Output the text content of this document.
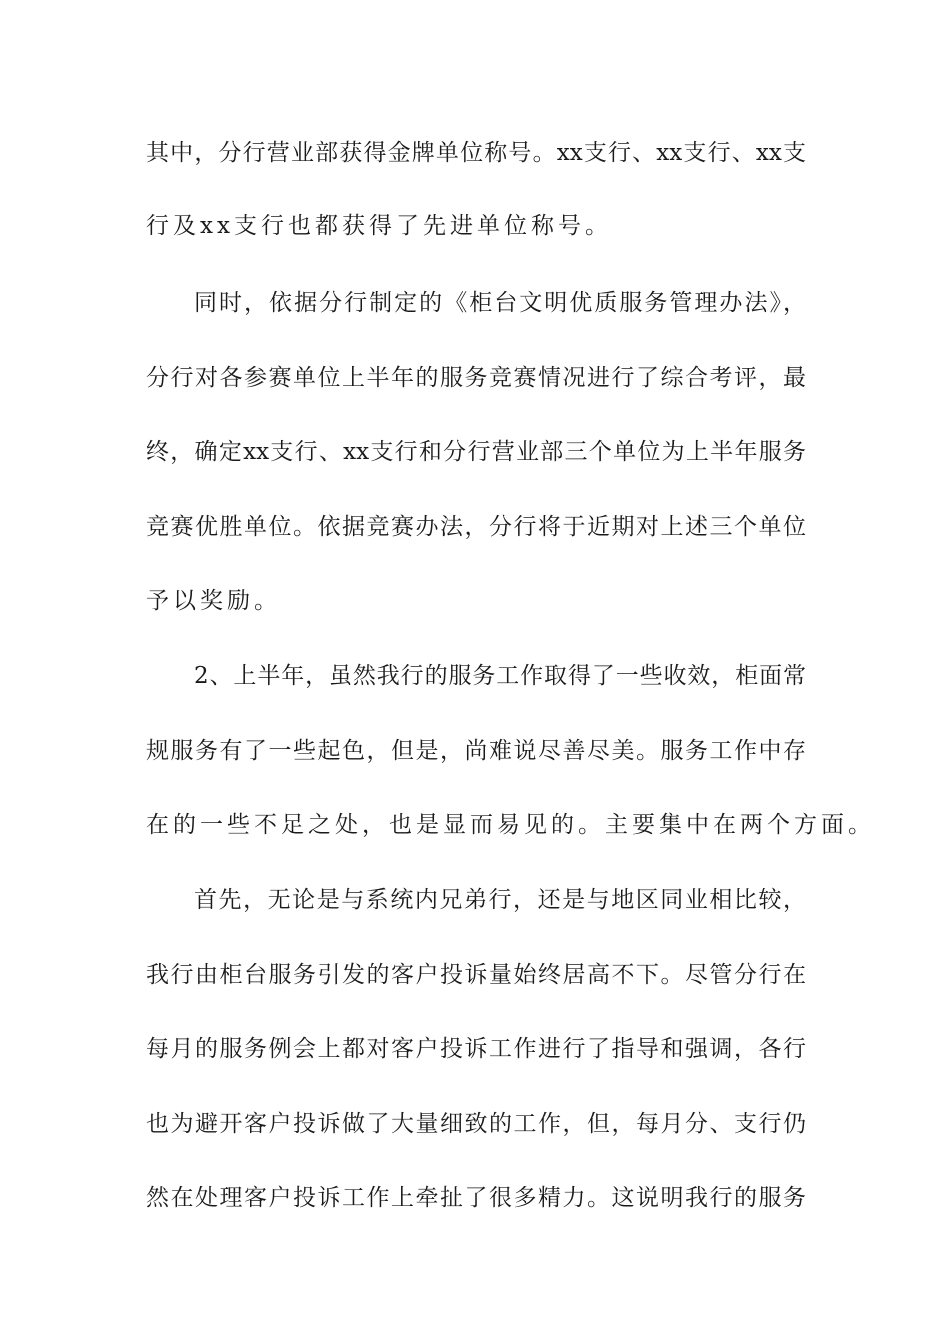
其中，分行营业部获得金牌单位称号。xx支行、xx支行、xx支
行及xx支行也都获得了先进单位称号。
同时，依据分行制定的《柜台文明优质服务管理办法》，
分行对各参赛单位上半年的服务竞赛情况进行了综合考评，最
终，确定xx支行、xx支行和分行营业部三个单位为上半年服务
竞赛优胜单位。依据竞赛办法，分行将于近期对上述三个单位
予以奖励。
2、上半年，虽然我行的服务工作取得了一些收效，柜面常
规服务有了一些起色，但是，尚难说尽善尽美。服务工作中存
在的一些不足之处，也是显而易见的。主要集中在两个方面。
首先，无论是与系统内兄弟行，还是与地区同业相比较，
我行由柜台服务引发的客户投诉量始终居高不下。尽管分行在
每月的服务例会上都对客户投诉工作进行了指导和强调，各行
也为避开客户投诉做了大量细致的工作，但，每月分、支行仍
然在处理客户投诉工作上牵扯了很多精力。这说明我行的服务
